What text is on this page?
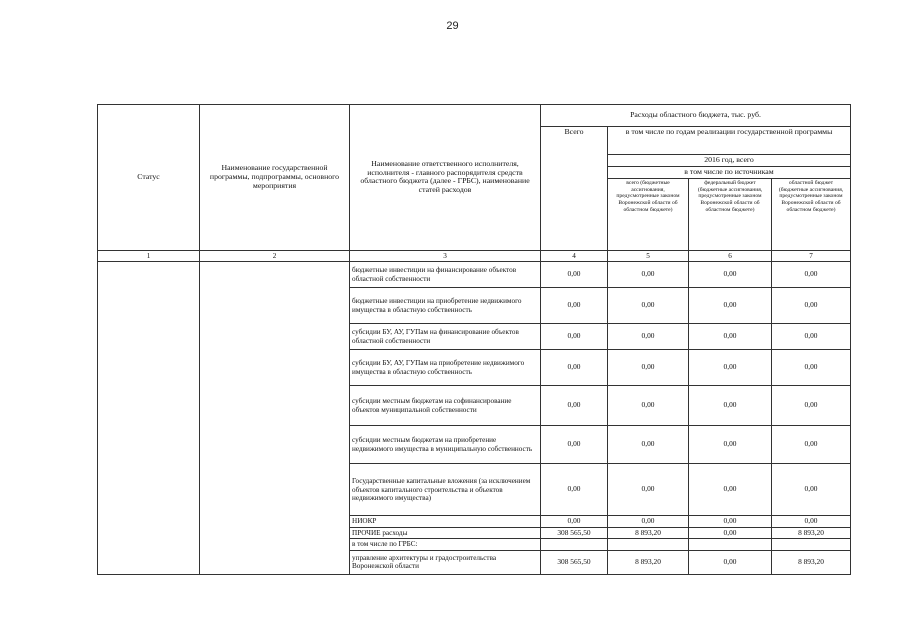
29
Статус	Наименование государственной программы, подпрограммы, основного мероприятия	Наименование ответственного исполнителя, исполнителя - главного распорядителя средств областного бюджета (далее - ГРБС), наименование статей расходов	Расходы областного бюджета, тыс. руб.			
			Всего	в том числе по годам реализации государственной программы		

				2016 год, всего
в том числе по источникам		

				всего (бюджетные ассигнования, предусмотренные законом Воронежской области об областном бюджете)	федеральный бюджет (бюджетные ассигнования, предусмотренные законом Воронежской области об областном бюджете)	областной бюджет (бюджетные ассигнования, предусмотренные законом Воронежской области об областном бюджете)
1	2	3	4	5	6	7
		бюджетные инвестиции на финансирование объектов областной собственности	0,00	0,00	0,00	0,00
		бюджетные инвестиции на приобретение недвижимого имущества в областную собственность	0,00	0,00	0,00	0,00
		субсидии БУ, АУ, ГУПам на финансирование объектов областной собственности	0,00	0,00	0,00	0,00
		субсидии БУ, АУ, ГУПам на приобретение недвижимого имущества в областную собственность	0,00	0,00	0,00	0,00
		субсидии местным бюджетам на софинансирование объектов муниципальной собственности	0,00	0,00	0,00	0,00
		субсидии местным бюджетам на приобретение недвижимого имущества в муниципальную собственность	0,00	0,00	0,00	0,00
		Государственные капитальные вложения (за исключением объектов капитального строительства и объектов недвижимого имущества)	0,00	0,00	0,00	0,00
		НИОКР	0,00	0,00	0,00	0,00
		ПРОЧИЕ расходы	308 565,50	8 893,20	0,00	8 893,20
		в том числе по ГРБС:				
		управление архитектуры и градостроительства Воронежской области	308 565,50	8 893,20	0,00	8 893,20
